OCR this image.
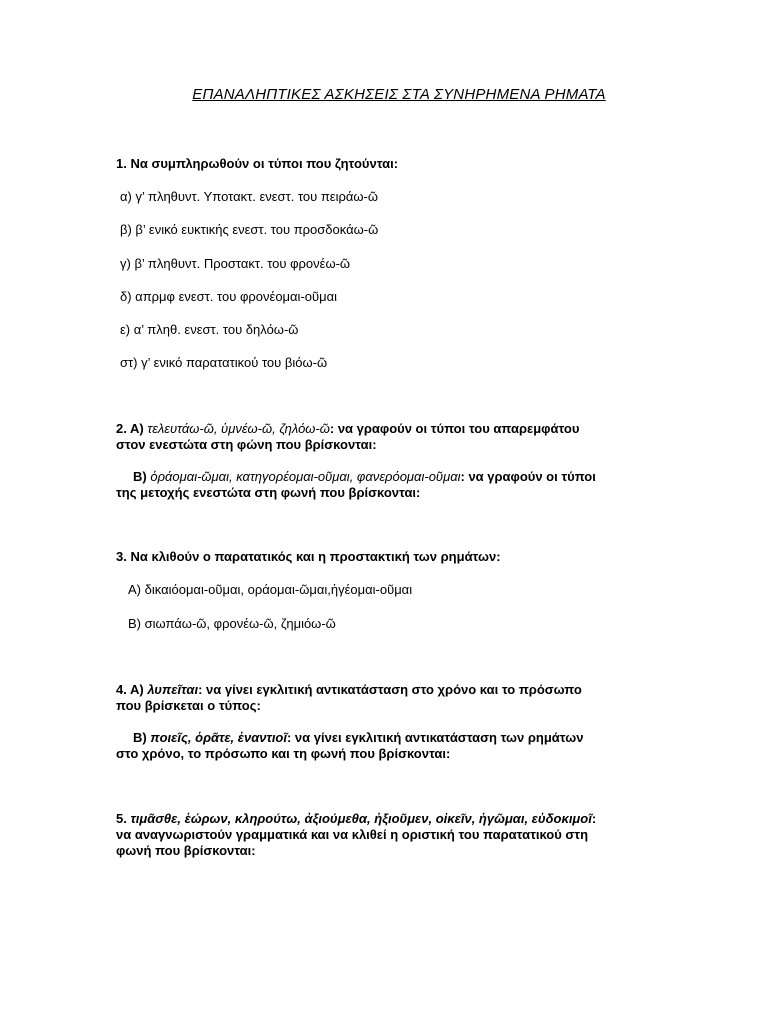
ΕΠΑΝΑΛΗΠΤΙΚΕΣ ΑΣΚΗΣΕΙΣ ΣΤΑ ΣΥΝΗΡΗΜΕΝΑ ΡΗΜΑΤΑ
1. Να συμπληρωθούν οι τύποι που ζητούνται:
α) γ’ πληθυντ. Υποτακτ. ενεστ. του πειράω-ῶ
β) β’ ενικό ευκτικής ενεστ. του προσδοκάω-ῶ
γ) β’ πληθυντ. Προστακτ. του φρονέω-ῶ
δ) απρμφ ενεστ. του φρονέομαι-οῦμαι
ε) α’ πληθ. ενεστ. του δηλόω-ῶ
στ) γ’ ενικό παρατατικού του βιόω-ῶ
2. Α) τελευτάω-ῶ, ὑμνέω-ῶ, ζηλόω-ῶ: να γραφούν οι τύποι του απαρεμφάτου
στον ενεστώτα στη φώνη που βρίσκονται:
Β) ὁράομαι-ῶμαι, κατηγορέομαι-οῦμαι, φανερόομαι-οῦμαι: να γραφούν οι τύποι
της μετοχής ενεστώτα στη φωνή που βρίσκονται:
3. Να κλιθούν ο παρατατικός και η προστακτική των ρημάτων:
Α) δικαιόομαι-οῦμαι, οράομαι-ῶμαι,ἡγέομαι-οῦμαι
Β) σιωπάω-ῶ, φρονέω-ῶ, ζημιόω-ῶ
4. Α) λυπεῖται: να γίνει εγκλιτική αντικατάσταση στο χρόνο και το πρόσωπο
που βρίσκεται ο τύπος:
Β) ποιεῖς, ὁρᾶτε, ἐναντιοῖ: να γίνει εγκλιτική αντικατάσταση των ρημάτων
στο χρόνο, το πρόσωπο και τη φωνή που βρίσκονται:
5. τιμᾶσθε, ἑώρων, κληρούτω, ἀξιούμεθα, ἠξιοῦμεν, οἰκεῖν, ἡγῶμαι, εὐδοκιμοῖ:
να αναγνωριστούν γραμματικά και να κλιθεί η οριστική του παρατατικού στη
φωνή που βρίσκονται:
